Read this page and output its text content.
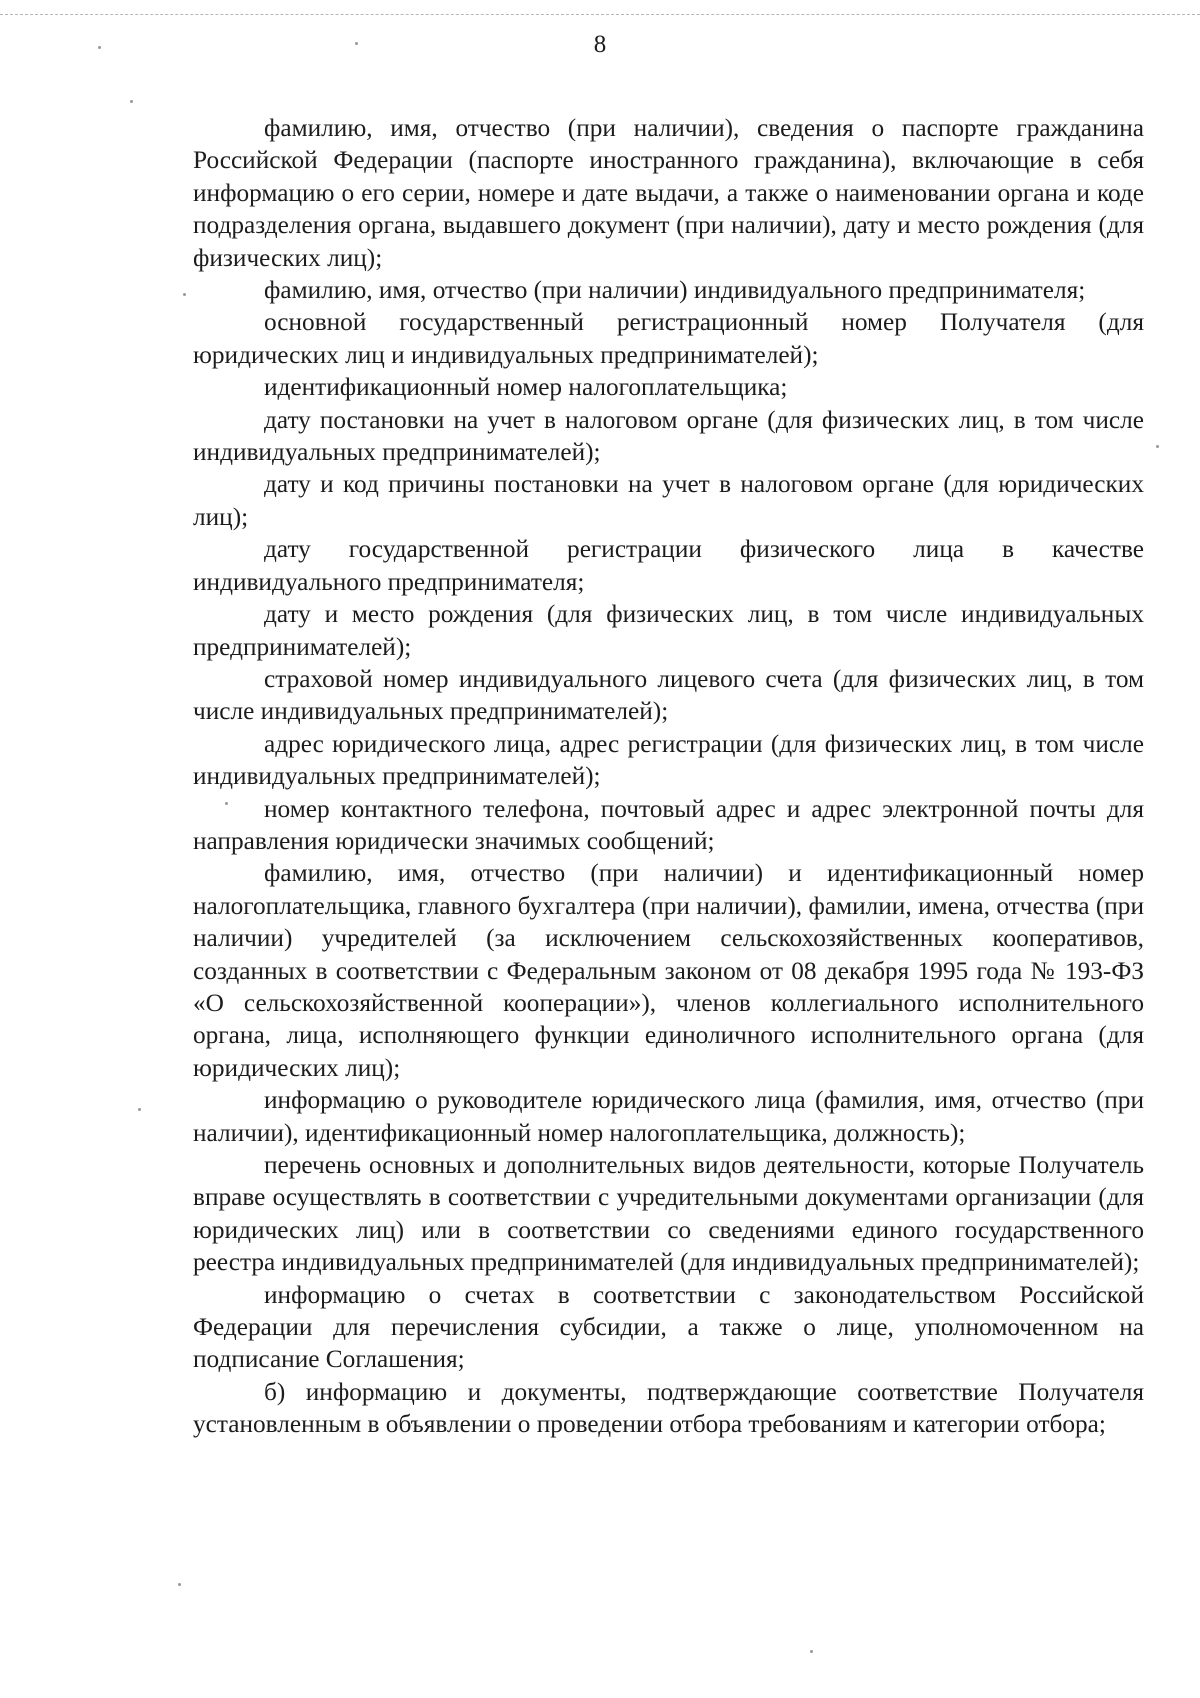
8

фамилию, имя, отчество (при наличии), сведения о паспорте гражданина Российской Федерации (паспорте иностранного гражданина), включающие в себя информацию о его серии, номере и дате выдачи, а также о наименовании органа и коде подразделения органа, выдавшего документ (при наличии), дату и место рождения (для физических лиц);

фамилию, имя, отчество (при наличии) индивидуального предпринимателя;

основной государственный регистрационный номер Получателя (для юридических лиц и индивидуальных предпринимателей);

идентификационный номер налогоплательщика;

дату постановки на учет в налоговом органе (для физических лиц, в том числе индивидуальных предпринимателей);

дату и код причины постановки на учет в налоговом органе (для юридических лиц);

дату государственной регистрации физического лица в качестве индивидуального предпринимателя;

дату и место рождения (для физических лиц, в том числе индивидуальных предпринимателей);

страховой номер индивидуального лицевого счета (для физических лиц, в том числе индивидуальных предпринимателей);

адрес юридического лица, адрес регистрации (для физических лиц, в том числе индивидуальных предпринимателей);

номер контактного телефона, почтовый адрес и адрес электронной почты для направления юридически значимых сообщений;

фамилию, имя, отчество (при наличии) и идентификационный номер налогоплательщика, главного бухгалтера (при наличии), фамилии, имена, отчества (при наличии) учредителей (за исключением сельскохозяйственных кооперативов, созданных в соответствии с Федеральным законом от 08 декабря 1995 года № 193-ФЗ «О сельскохозяйственной кооперации»), членов коллегиального исполнительного органа, лица, исполняющего функции единоличного исполнительного органа (для юридических лиц);

информацию о руководителе юридического лица (фамилия, имя, отчество (при наличии), идентификационный номер налогоплательщика, должность);

перечень основных и дополнительных видов деятельности, которые Получатель вправе осуществлять в соответствии с учредительными документами организации (для юридических лиц) или в соответствии со сведениями единого государственного реестра индивидуальных предпринимателей (для индивидуальных предпринимателей);

информацию о счетах в соответствии с законодательством Российской Федерации для перечисления субсидии, а также о лице, уполномоченном на подписание Соглашения;

б) информацию и документы, подтверждающие соответствие Получателя установленным в объявлении о проведении отбора требованиям и категории отбора;
